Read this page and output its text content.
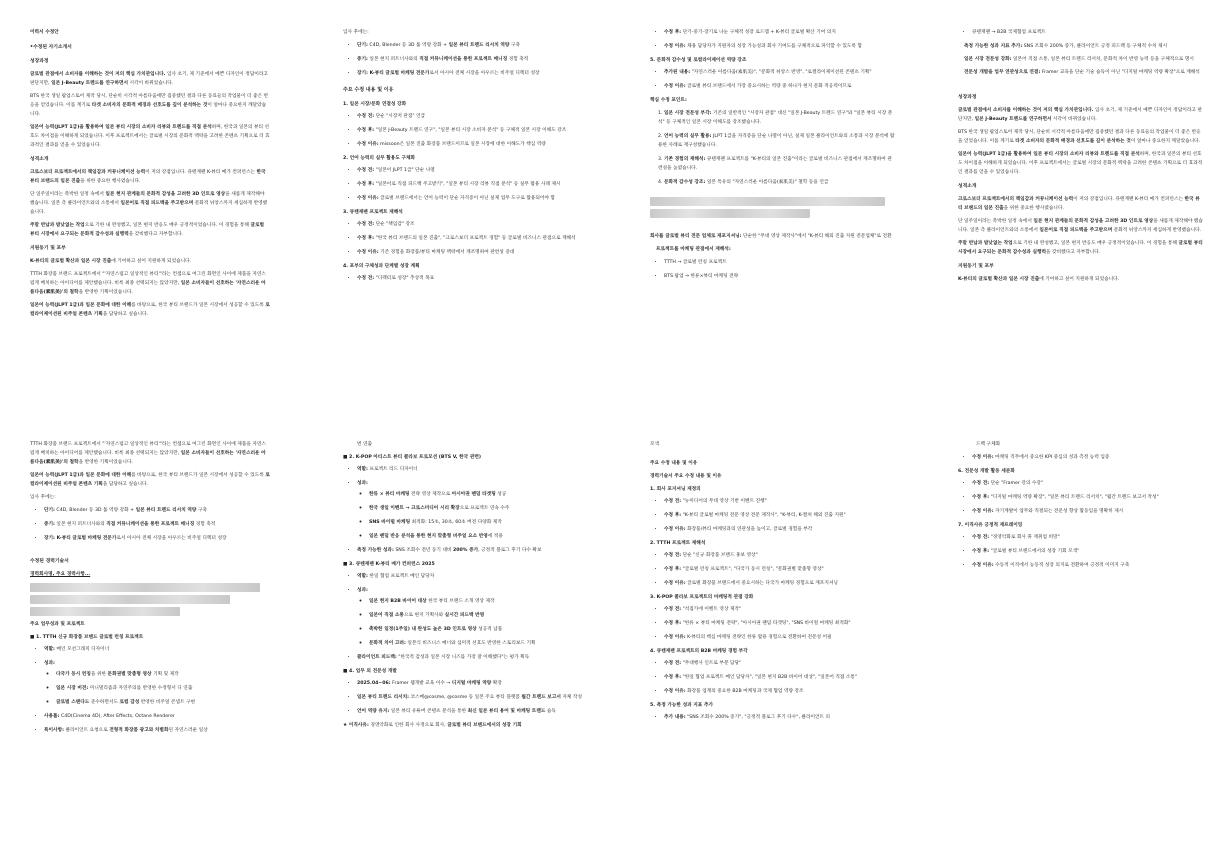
이력서 수정안
•수정된 자기소개서
성장과정

글로벌 관점에서 소비자를 이해하는 것이 저의 핵심 가치관입니다. 입사 초기, 제 기준에서 예쁜 디자인이 정답이라고 판단지만, 일본 J-Beauty 트렌드를 연구하면서 시각이 바뀌었습니다.

BTS 한국 생일 팝업스토어 제작 당시, 단순히 시각적 아름다움에만 집중했던 결과 다른 동료들의 작업물이 더 좋은 반응을 얻었습니다. 이를 계기로 타겟 소비자의 문화적 배경과 선호도를 깊이 분석하는 것이 얼마나 중요한지 깨달았습니다.

일본어 능력(JLPT 1급)을 활용하여 일본 뷰티 시장의 소비자 리뷰와 트렌드를 직접 분석하며, 한국과 일본의 뷰티 선호도 차이점을 이해하게 되었습니다. 이후 프로젝트에서는 글로벌 시장의 문화적 맥락을 고려한 콘텐츠 기획으로 더 효과적인 결과를 얻을 수 있었습니다.

성격소개

크로스보더 프로젝트에서의 책임감과 커뮤니케이션 능력이 저의 강점입니다. 큐텐재팬 K-뷰티 메가 컨퍼런스는 한국 뷰티 브랜드의 일본 진출을 위한 중요한 행사였습니다.

단 일주일이라는 촉박한 일정 속에서 일본 현지 관계들의 문화적 감성을 고려한 3D 인트로 영상을 새롭게 제작해야 했습니다. 일본 측 클라이언트와의 소통에서 일본어로 직접 피드백을 주고받으며 문화적 뉘앙스까지 세심하게 반영했습니다.

주말 반납과 밤낮없는 작업으로 기한 내 완성했고, 일본 현지 반응도 매우 긍정적이었습니다. 이 경험을 통해 글로벌 뷰티 시장에서 요구되는 문화적 감수성과 실행력을 갖비했다고 자부합니다.

지원동기 및 포부

K-뷰티의 글로벌 확산과 일본 시장 진출에 기여하고 싶어 지원하게 되었습니다.

TTTH 화장품 브랜드 프로젝트에서 "'자연스럽고 일상적인 뷰티'"라는 컨셉으로 여그린 화면인 사이에 제품을 자연스럽게 배치하는 아이디어를 제안했습니다. 비록 최종 선택되지는 않았지만, 일본 소비자들이 선호하는 '자연스러운 아름다움(素肌美)'의 철학을 반영한 기획이었습니다.

일본어 능력(JLPT 1급)과 일본 문화에 대한 이해를 바탕으로, 한국 뷰티 브랜드가 일본 시장에서 성공할 수 있도록 로컬라이제이션된 비주얼 콘텐츠 기획을 담당하고 싶습니다.

입사 후에는:

• 단기: C4D, Blender 등 3D 툴 역량 강화 + 일본 뷰티 트렌드 리서치 역량 구축
• 중기: 일본 현지 퍼트너사와의 직접 커뮤니케이션을 통한 프로젝트 매니징 경험 축적
• 장기: K-뷰티 글로벌 마케팅 전문가로서 아시아 전체 시장을 아우르는 비주얼 디렉터 성장
주요 수정 내용 및 이유
1. 일본 시장/문화 연결성 강화
• 수정 전: 단순 "시장저 관점" 언급
• 수정 후: "일본 J-Beauty 트렌드 연구", "일본 뷰티 시장 소비자 분석" 등 구체적 일본 시장 이해도 강조
• 수정 이유: missoon은 일본 진출 화장품 브랜드이므로 일본 시장에 대한 이해도가 핵심 역량
2. 언어 능력의 실무 활용도 구체화
• 수정 전: "일본어 JLPT 1급" 단순 나열
• 수정 후: "일본어로 직접 피드백 주고받기", "일본 뷰티 시장 리뷰 직접 분석" 등 실무 활용 사례 제시
• 수정 이유: 글로벌 브랜드에서는 언어 능력이 단순 자격증이 아닌 실제 업무 도구로 활용되어야 함
3. 큐텐재팬 프로젝트 재해석
• 수정 전: 단순 "책임감" 강조
• 수정 후: "한국 뷰티 브랜드의 일본 진출", "크로스보더 프로젝트 경험" 등 글로벌 비즈니스 관점으로 재해석
• 수정 이유: 기존 경험을 화장품/뷰티 마케팅 맥락에서 재조명하여 관련성 증대
4. 포부의 구체성과 단계별 성장 계획
• 수정 전: "디렉터로 성장" 추상적 목표
• 수정 후: 단기-중기-장기로 나눈 구체적 성장 로드맵 + K-뷰티 글로벌 확산 기여 의지
• 수정 이유: 채용 담당자가 지원자의 성장 가능성과 회사 기여도를 구체적으로 파악할 수 있도록 함
5. 문화적 감수성 및 로컬라이제이션 역량 강조
• 추가된 내용: "자연스러운 아름다움(素肌美)", "문화적 뉘앙스 반영", "로컬라이제이션된 콘텐츠 기획"
• 수정 이유: 글로벌 뷰티 브랜드에서 가장 중요시하는 역량 중 하나가 현지 문화 적응력이므로

핵심 수정 포인트:

1. 일본 시장 전문성 부각: 기존의 일반적인 "시장자 관점" 대신 "일본 J-Beauty 트렌드 연구"와 "일본 뷰티 시장 분석" 등 구체적인 일본 시장 이해도를 강조했습니다.
2. 언어 능력의 실무 활용: JLPT 1급을 자격증을 단순 나열이 아닌, 실제 일본 클라이언트와의 소통과 시장 분석에 활용한 사례로 재구성했습니다.
3. 기존 경험의 재해석: 큐텐재팬 프로젝트를 "K-뷰티의 일본 진출"이라는 글로벌 비즈니스 관점에서 재조명하여 관련성을 높였습니다.
4. 문화적 감수성 강조: 일본 특유의 "자연스러운 아름다움(素肌美)" 철학 등을 언급

회사를 글로벌 뷰티 전문 업체로 재포지셔닝: 단순한 "무대 영상 제작사"에서 "K-뷰티 해외 진출 지원 전문업체"로 전환

프로젝트를 마케팅 관점에서 재해석:

• TTTH → 글로벌 런칭 프로젝트
• BTS 팝업 → 한류×뷰티 마케팅 전략
• 큐텐재팬 → B2B 국제협업 프로젝트

측정 가능한 성과 지표 추가: SNS 조회수 200% 증가, 클라이언트 긍정 피드백 등 구체적 수치 제시

일본 시장 전문성 강화: 일본어 직접 소통, 일본 뷰티 트렌드 리서치, 문화적 차이 반영 능력 등을 구체적으로 명시

전문성 개발을 업무 연관성으로 연결: Framer 교육을 단순 기술 습득이 아닌 "디지털 마케팅 역량 확장"으로 재해석

성장과정

글로벌 관점에서 소비자를 이해하는 것이 저의 핵심 가치관입니다. 입사 초기, 제 기준에서 예쁜 디자인이 정답이라고 판단지만, 일본 J-Beauty 트렌드를 연구하면서 시각이 바뀌었습니다.

BTS 한국 생일 팝업스토어 제작 당시, 단순히 시각적 아름다움에만 집중했던 결과 다른 동료들의 작업물이 더 좋은 반응을 얻었습니다. 이를 계기로 타겟 소비자의 문화적 배경과 선호도를 깊이 분석하는 것이 얼마나 중요한지 깨달았습니다.

일본어 능력(JLPT 1급)을 활용하여 일본 뷰티 시장의 소비자 리뷰와 트렌드를 직접 분석하며, 한국과 일본의 뷰티 선호도 차이점을 이해하게 되었습니다. 이후 프로젝트에서는 글로벌 시장의 문화적 맥락을 고려한 콘텐츠 기획으로 더 효과적인 결과를 얻을 수 있었습니다.

성격소개

크로스보더 프로젝트에서의 책임감과 커뮤니케이션 능력이 저의 강점입니다. 큐텐재팬 K-뷰티 메가 컨퍼런스는 한국 뷰티 브랜드의 일본 진출을 위한 중요한 행사였습니다.

단 일주일이라는 촉박한 일정 속에서 일본 현지 관계들의 문화적 감성을 고려한 3D 인트로 영상을 새롭게 제작해야 했습니다. 일본 측 클라이언트와의 소통에서 일본어로 직접 피드백을 주고받으며 문화적 뉘앙스까지 세심하게 반영했습니다.

주말 반납과 밤낮없는 작업으로 기한 내 완성했고, 일본 현지 반응도 매우 긍정적이었습니다. 이 경험을 통해 글로벌 뷰티 시장에서 요구되는 문화적 감수성과 실행력을 갖비했다고 자부합니다.

지원동기 및 포부

K-뷰티의 글로벌 확산과 일본 시장 진출에 기여하고 싶어 지원하게 되었습니다.

TTTH 화장품 브랜드 프로젝트에서 "'자연스럽고 일상적인 뷰티'"라는 컨셉으로 여그린 화면인 사이에 제품을 자연스럽게 배치하는 아이디어를 제안했습니다. 비록 최종 선택되지는 않았지만, 일본 소비자들이 선호하는 '자연스러운 아름다움(素肌美)'의 철학을 반영한 기획이었습니다.

일본어 능력(JLPT 1급)과 일본 문화에 대한 이해를 바탕으로, 한국 뷰티 브랜드가 일본 시장에서 성공할 수 있도록 로컬라이제이션된 비주얼 콘텐츠 기획을 담당하고 싶습니다.

입사 후에는:

• 단기: C4D, Blender 등 3D 툴 역량 강화 + 일본 뷰티 트렌드 리서치 역량 구축
• 중기: 일본 현지 퍼트너사와의 직접 커뮤니케이션을 통한 프로젝트 매니징 경험 축적
• 장기: K-뷰티 글로벌 마케팅 전문가로서 아시아 전체 시장을 아우르는 비주얼 디렉터 성장
수정된 경력기술서

경력회사명, 주요 경력사항...

주요 업무성과 및 프로젝트
■ 1. TTTH 신규 화장품 브랜드 글로벌 런칭 프로젝트
• 역할: 메인 모션그래픽 디자이너
• 성과:
◦ 다국가 동시 런칭을 위한 문화권별 맞춤형 영상 기획 및 제작
◦ 일본 시장 버전: 미니멀리즘과 자연주의를 반영한 수정형서 디 연출
◦ 글로벌 스탠다드 준수하면서도 로컬 감성 반영한 비주얼 콘셉트 구현
• 사용툴: C4D(Cinema 4D), After Effects, Octane Renderer
• 특이사항: 클라이언트 요청으로 전형적 화장품 광고와 차별화된 자연스러운 일상

번 연출

■ 2. K-POP 아티스트 뷰티 콜라보 프로모션 (BTS V, 한국 관련)
• 역할: 프로젝트 리드 디자이너
• 성과:
◦ 한류 × 뷰티 마케팅 전략 영상 제작으로 아시아권 팬덤 타겟팅 성공
◦ 한국 생일 이벤트 → 크로스미디어 시리 확장으로 프로젝트 연속 수주
◦ SNS 바이럴 마케팅 최적화: 15초, 30초, 60초 버전 다양화 제작
◦ 일본 팬덤 반응 분석을 통한 현지 맞춤형 비주얼 요소 반영에 적용
• 측정 가능한 성과: SNS 조회수 전년 동기 대비 200% 증가, 긍정적 블로그 후기 다수 확보
■ 3. 큐텐재팬 K-뷰티 메가 컨퍼런스 2025
• 역할: 한일 협업 프로젝트 메인 담당자
• 성과:
◦ 일본 현지 B2B 바이어 대상 한국 뷰티 브랜드 소개 영상 제작
◦ 일본어 직접 소통으로 현지 기획사와 실시간 피드백 반영
◦ 촉박한 일정(1주일) 내 완성도 높은 3D 인트로 영상 성공적 납품
◦ 문화적 차이 고려: 일본식 비즈니스 매너와 심미적 선호도 반영한 스토리보드 기획
• 클라이언트 피드백: "한국적 감성과 일본 시장 니즈를 가장 잘 이해했다"는 평가 획득
■ 4. 업무 외 전문성 개발
• 2025.04~06: Framer 웹개발 교육 이수 → 디지털 마케팅 역량 확장
• 일본 뷰티 트렌드 리서치: 코스메@cosme, @cosme 등 일본 주요 뷰티 플랫폼 월간 트렌드 보고서 자체 작성
• 언어 역량 유지: 일본 뷰티 유튜버 콘텐츠 분석을 통한 최신 일본 뷰티 용어 및 마케팅 트렌드 습득

★ 이직사유: 경영악화로 인한 회사 사정으로 회사, 글로벌 뷰티 브랜드에서의 성장 기회

모색

주요 수정 내용 및 이유
경력기술서 주요 수정 내용 및 이유
1. 회사 포지셔닝 재정의
• 수정 전: "뉴미디어의 무대 영상 기반 이벤트 진행"
• 수정 후: "K-뷰티 글로벌 마케팅 전문 영상 전문 제작사", "K-뷰티, K-컬처 해외 진출 지원"
• 수정 이유: 화장품/뷰티 마케팅과의 연관성을 높이고, 글로벌 경험을 부각
2. TTTH 프로젝트 재해석
• 수정 전: 단순 "신규 화장품 브랜드 홍보 영상"
• 수정 후: "글로벌 런칭 프로젝트", "다국가 동시 런칭", "문화권별 맞춤형 영상"
• 수정 이유: 글로벌 화장품 브랜드에서 중요시하는 다국가 마케팅 경험으로 재포지셔닝
3. K-POP 콜라보 프로젝트의 마케팅적 관점 강화
• 수정 전: "석집가에 이벤트 영상 제작"
• 수정 후: "한류 × 뷰티 마케팅 전략", "아시아권 팬덤 타겟팅", "SNS 바이럴 마케팅 최적화"
• 수정 이유: K-뷰티의 핵심 마케팅 전략인 한류 활용 경험으로 전환하여 전문성 어필
4. 큐텐재팬 프로젝트의 B2B 마케팅 경험 부각
• 수정 전: "무대행사 인트로 부분 담당"
• 수정 후: "한일 협업 프로젝트 메인 담당자", "일본 현지 B2B 바이어 대상", "일본어 직접 소통"
• 수정 이유: 화장품 업계의 중요한 B2B 마케팅과 국제 협업 역량 강조
5. 측정 가능한 성과 지표 추가
• 추가 내용: "SNS 조회수 200% 증가", "긍정적 블로그 후기 다수", 클라이언트 피

드백 구체화

• 수정 이유: 마케팅 직무에서 중요한 KPI 중심의 성과 측정 능력 입증
6. 전문성 개발 활동 세분화
• 수정 전: 단순 "Framer 강의 수강"
• 수정 후: "디지털 마케팅 역량 확장", "일본 뷰티 트렌드 리서치", "월간 트렌드 보고서 작성"
• 수정 이유: 자기계발이 업무와 직결되는 전문성 향상 활동임을 명확히 제시
7. 이직사유 긍정적 재프레이밍
• 수정 전: "경영악화로 회사 휴 재취업 희망"
• 수정 후: "글로벌 뷰티 브랜드에서의 성장 기회 모색"
• 수정 이유: 수동적 이직에서 능동적 성장 의지로 전환하여 긍정적 이미지 구축
